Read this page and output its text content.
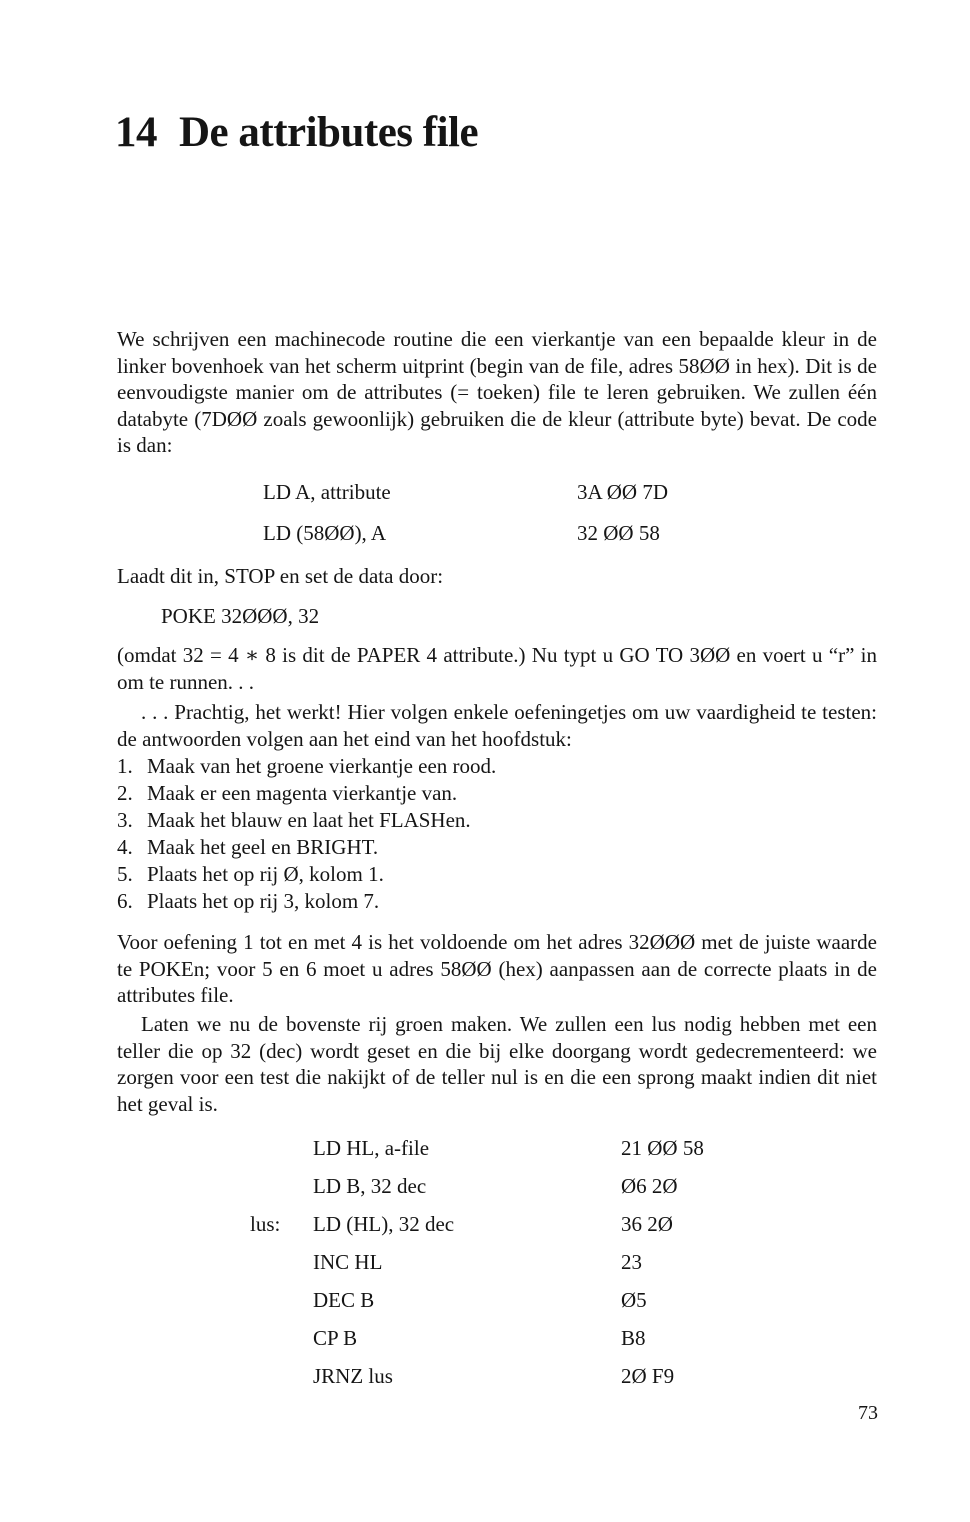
14 De attributes file

We schrijven een machinecode routine die een vierkantje van een bepaalde kleur in de linker bovenhoek van het scherm uitprint (begin van de file, adres 58ØØ in hex). Dit is de eenvoudigste manier om de attributes (= toeken) file te leren gebruiken. We zullen één databyte (7DØØ zoals gewoonlijk) gebruiken die de kleur (attribute byte) bevat. De code is dan:

LD A, attribute	3A ØØ 7D
LD (58ØØ), A	32 ØØ 58

Laadt dit in, STOP en set de data door:

POKE 32ØØØ, 32

(omdat 32 = 4 ∗ 8 is dit de PAPER 4 attribute.) Nu typt u GO TO 3ØØ en voert u “r” in om te runnen. . .

. . . Prachtig, het werkt! Hier volgen enkele oefeningetjes om uw vaardigheid te testen: de antwoorden volgen aan het eind van het hoofdstuk:

1. Maak van het groene vierkantje een rood.
2. Maak er een magenta vierkantje van.
3. Maak het blauw en laat het FLASHen.
4. Maak het geel en BRIGHT.
5. Plaats het op rij Ø, kolom 1.
6. Plaats het op rij 3, kolom 7.

Voor oefening 1 tot en met 4 is het voldoende om het adres 32ØØØ met de juiste waarde te POKEn; voor 5 en 6 moet u adres 58ØØ (hex) aanpassen aan de correcte plaats in de attributes file.

Laten we nu de bovenste rij groen maken. We zullen een lus nodig hebben met een teller die op 32 (dec) wordt geset en die bij elke doorgang wordt gedecrementeerd: we zorgen voor een test die nakijkt of de teller nul is en die een sprong maakt indien dit niet het geval is.

LD HL, a-file	21 ØØ 58
LD B, 32 dec	Ø6 2Ø
lus: LD (HL), 32 dec	36 2Ø
INC HL	23
DEC B	Ø5
CP B	B8
JRNZ lus	2Ø F9
73
